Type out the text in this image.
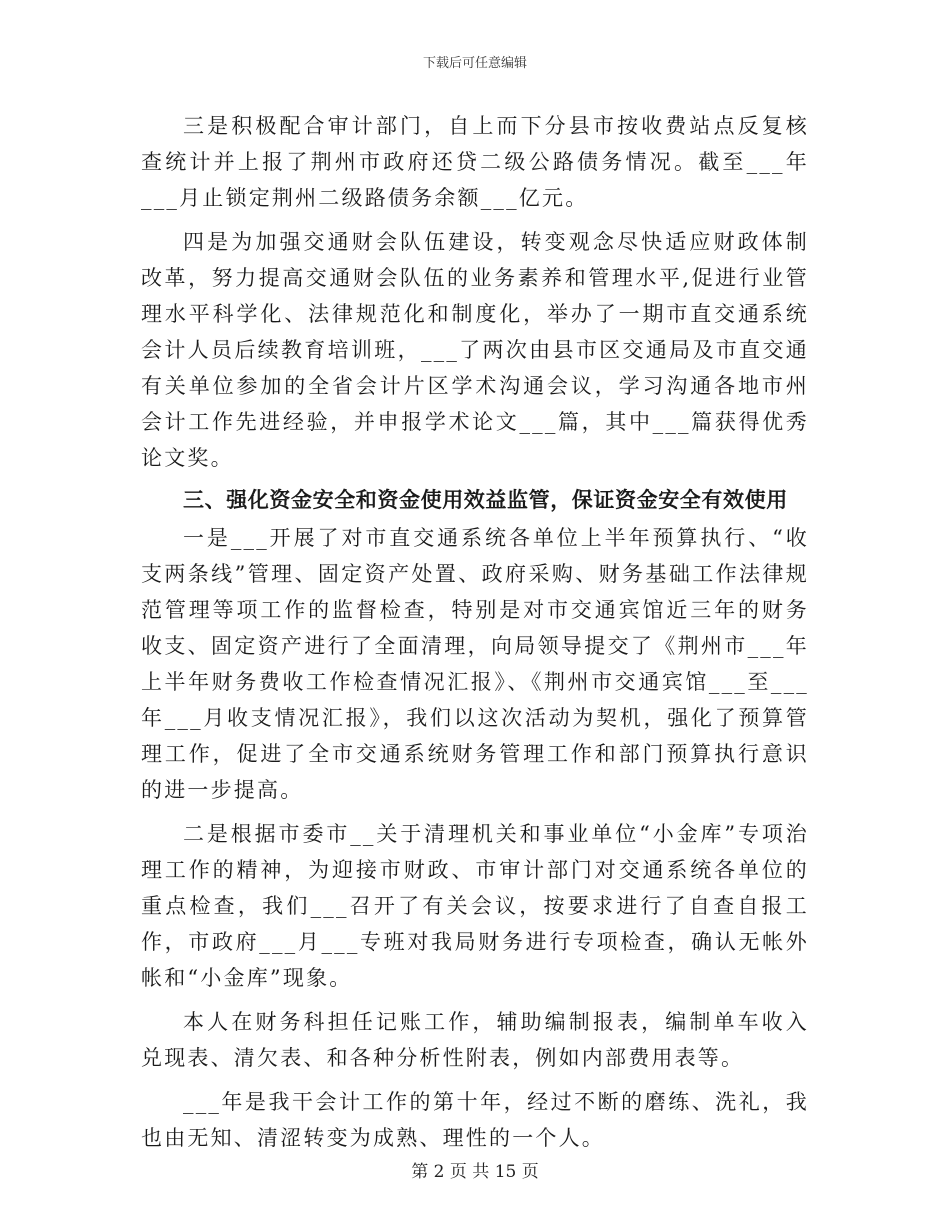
下载后可任意编辑

三是积极配合审计部门，自上而下分县市按收费站点反复核查统计并上报了荆州市政府还贷二级公路债务情况。截至___年___月止锁定荆州二级路债务余额___亿元。

四是为加强交通财会队伍建设，转变观念尽快适应财政体制改革，努力提高交通财会队伍的业务素养和管理水平,促进行业管理水平科学化、法律规范化和制度化，举办了一期市直交通系统会计人员后续教育培训班，___了两次由县市区交通局及市直交通有关单位参加的全省会计片区学术沟通会议，学习沟通各地市州会计工作先进经验，并申报学术论文___篇，其中___篇获得优秀论文奖。

三、强化资金安全和资金使用效益监管，保证资金安全有效使用

一是___开展了对市直交通系统各单位上半年预算执行、“收支两条线”管理、固定资产处置、政府采购、财务基础工作法律规范管理等项工作的监督检查，特别是对市交通宾馆近三年的财务收支、固定资产进行了全面清理，向局领导提交了《荆州市___年上半年财务费收工作检查情况汇报》、《荆州市交通宾馆___至___年___月收支情况汇报》，我们以这次活动为契机，强化了预算管理工作，促进了全市交通系统财务管理工作和部门预算执行意识的进一步提高。

二是根据市委市__关于清理机关和事业单位“小金库”专项治理工作的精神，为迎接市财政、市审计部门对交通系统各单位的重点检查，我们___召开了有关会议，按要求进行了自查自报工作，市政府___月___专班对我局财务进行专项检查，确认无帐外帐和“小金库”现象。

本人在财务科担任记账工作，辅助编制报表，编制单车收入兑现表、清欠表、和各种分析性附表，例如内部费用表等。

___年是我干会计工作的第十年，经过不断的磨练、洗礼，我也由无知、清涩转变为成熟、理性的一个人。

第 2 页 共 15 页
